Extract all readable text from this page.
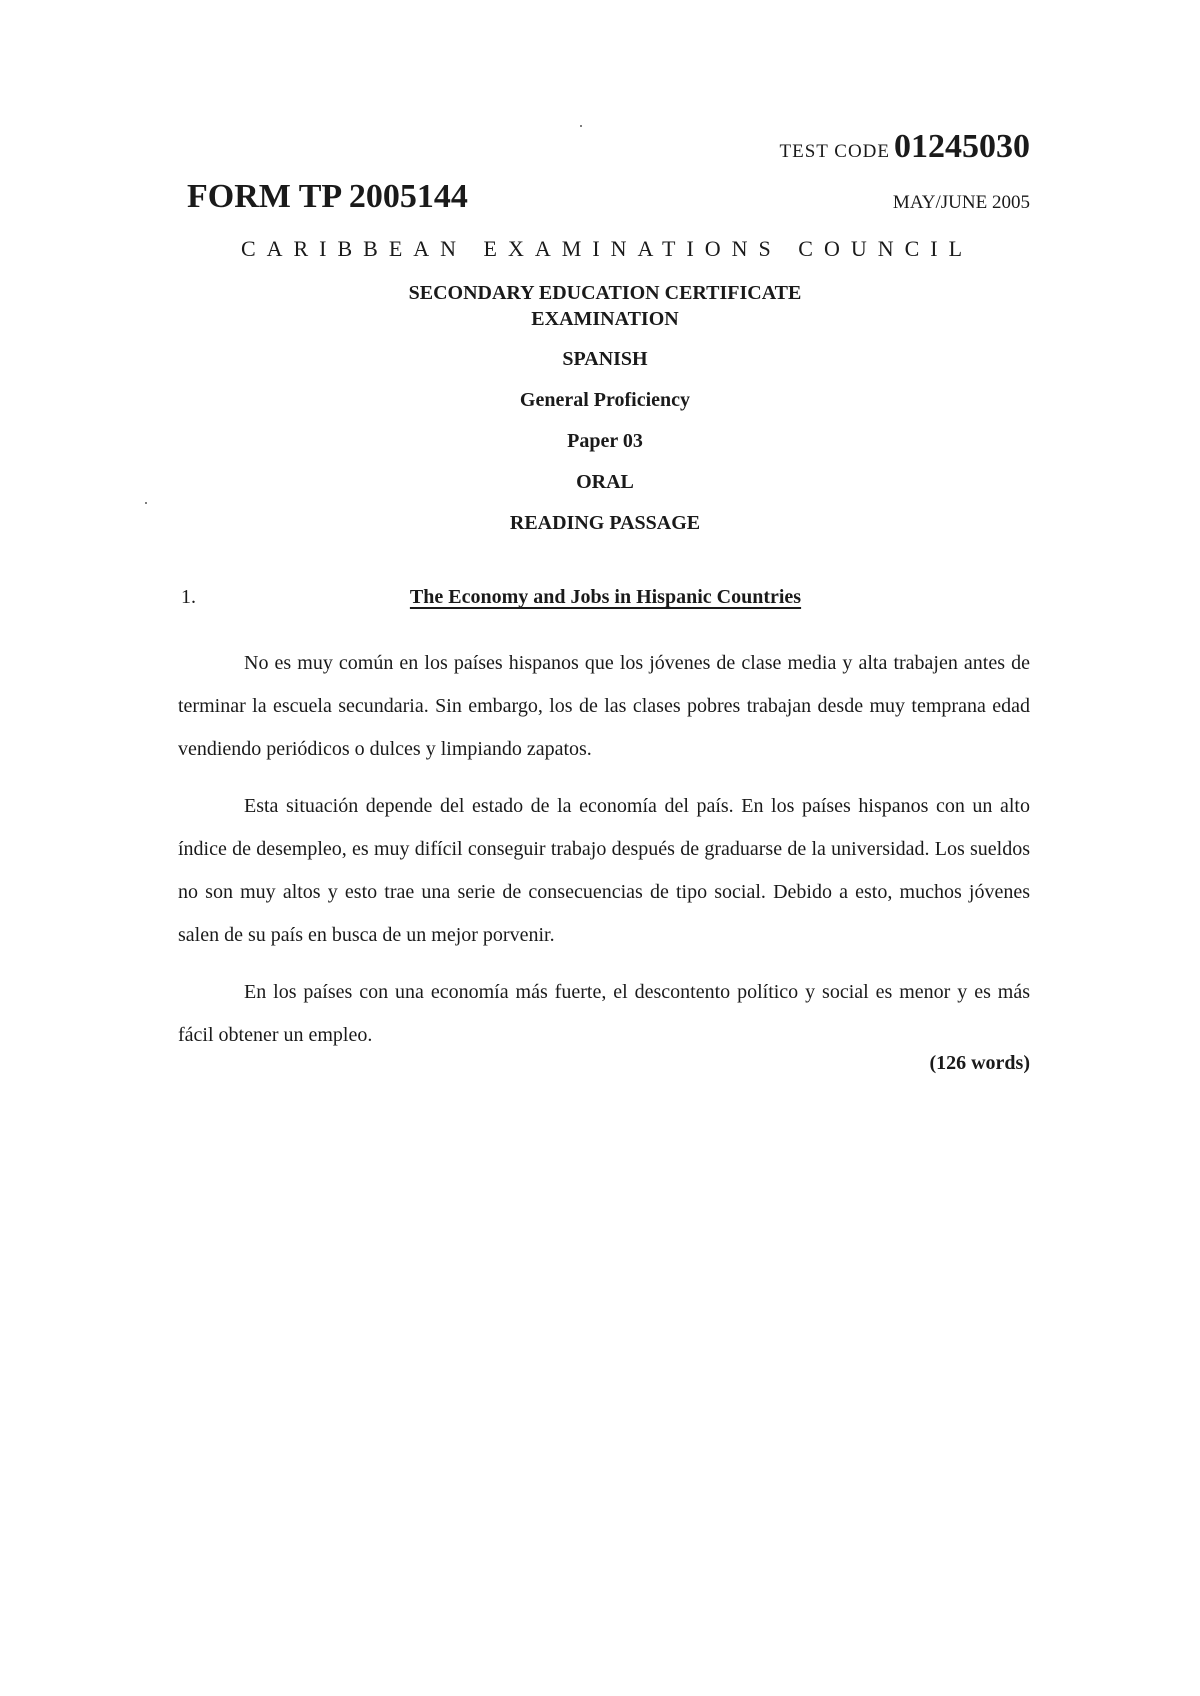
TEST CODE 01245030
FORM TP 2005144	MAY/JUNE 2005
CARIBBEAN EXAMINATIONS COUNCIL
SECONDARY EDUCATION CERTIFICATE
EXAMINATION
SPANISH
General Proficiency
Paper 03
ORAL
READING PASSAGE
1.	The Economy and Jobs in Hispanic Countries

No es muy común en los países hispanos que los jóvenes de clase media y alta trabajen antes de terminar la escuela secundaria. Sin embargo, los de las clases pobres trabajan desde muy temprana edad vendiendo periódicos o dulces y limpiando zapatos.

Esta situación depende del estado de la economía del país. En los países hispanos con un alto índice de desempleo, es muy difícil conseguir trabajo después de graduarse de la universidad. Los sueldos no son muy altos y esto trae una serie de consecuencias de tipo social. Debido a esto, muchos jóvenes salen de su país en busca de un mejor porvenir.

En los países con una economía más fuerte, el descontento político y social es menor y es más fácil obtener un empleo.

(126 words)
